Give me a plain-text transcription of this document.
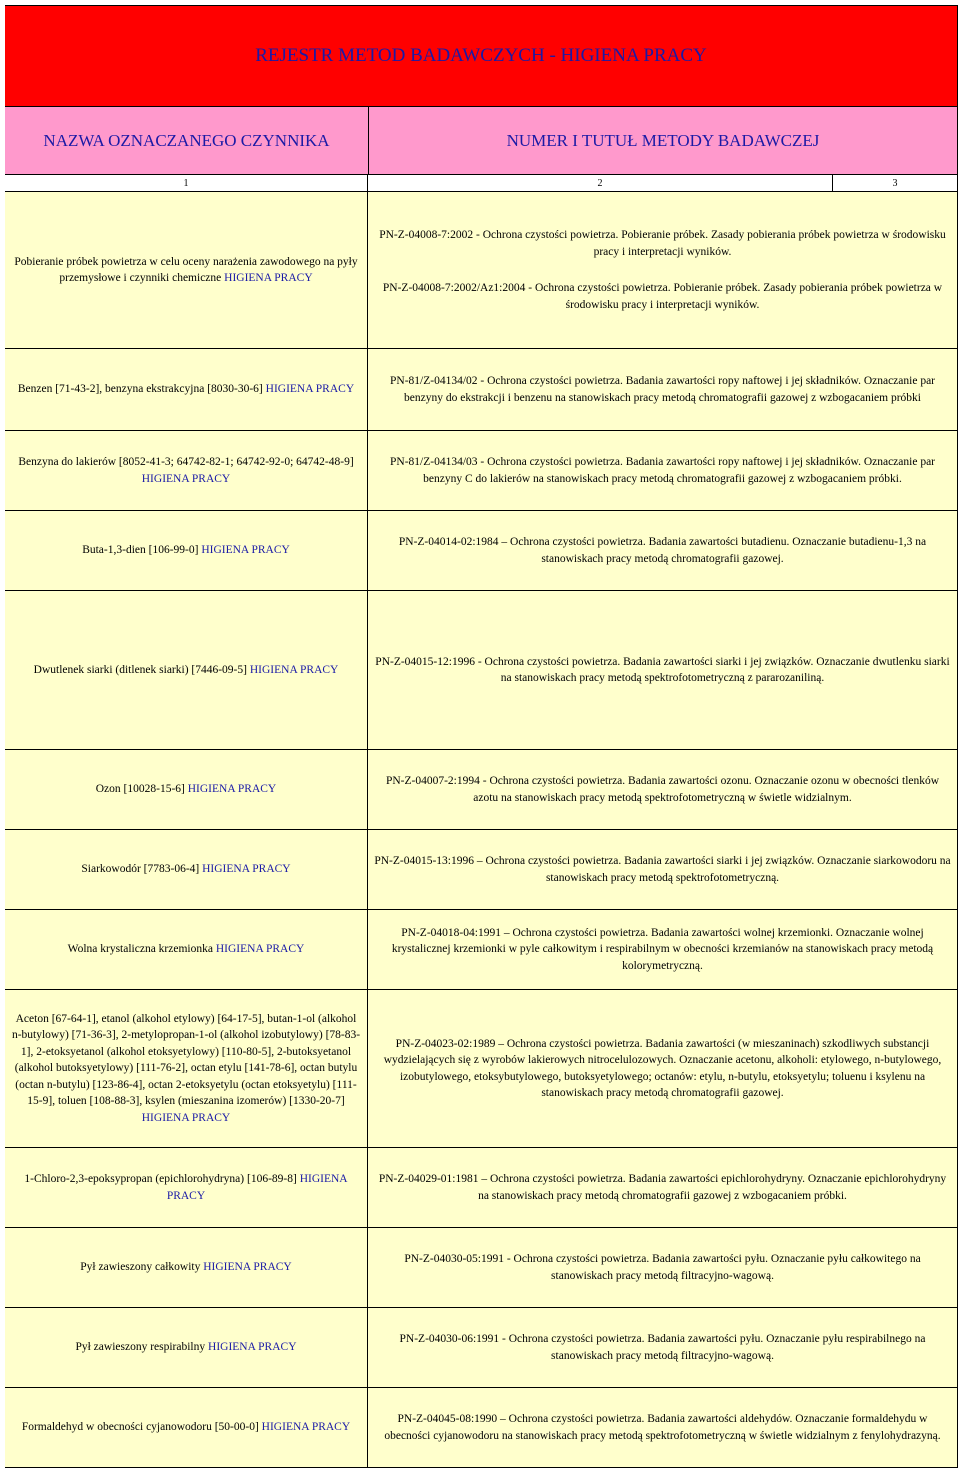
REJESTR METOD BADAWCZYCH - HIGIENA PRACY
NAZWA OZNACZANEGO CZYNNIKA	NUMER I TUTUŁ METODY BADAWCZEJ
1	2	3
Pobieranie próbek powietrza w celu oceny narażenia zawodowego na pyły przemysłowe i czynniki chemiczne HIGIENA PRACY
PN-Z-04008-7:2002 - Ochrona czystości powietrza. Pobieranie próbek. Zasady pobierania próbek powietrza w środowisku pracy i interpretacji wyników.
PN-Z-04008-7:2002/Az1:2004 - Ochrona czystości powietrza. Pobieranie próbek. Zasady pobierania próbek powietrza w środowisku pracy i interpretacji wyników.
Benzen [71-43-2], benzyna ekstrakcyjna [8030-30-6] HIGIENA PRACY
PN-81/Z-04134/02 - Ochrona czystości powietrza. Badania zawartości ropy naftowej i jej składników. Oznaczanie par benzyny do ekstrakcji i benzenu na stanowiskach pracy metodą chromatografii gazowej z wzbogacaniem próbki
Benzyna do lakierów [8052-41-3; 64742-82-1; 64742-92-0; 64742-48-9] HIGIENA PRACY
PN-81/Z-04134/03 - Ochrona czystości powietrza. Badania zawartości ropy naftowej i jej składników. Oznaczanie par benzyny C do lakierów na stanowiskach pracy metodą chromatografii gazowej z wzbogacaniem próbki.
Buta-1,3-dien [106-99-0] HIGIENA PRACY
PN-Z-04014-02:1984 – Ochrona czystości powietrza. Badania zawartości butadienu. Oznaczanie butadienu-1,3 na stanowiskach pracy metodą chromatografii gazowej.
Dwutlenek siarki (ditlenek siarki) [7446-09-5] HIGIENA PRACY
PN-Z-04015-12:1996 - Ochrona czystości powietrza. Badania zawartości siarki i jej związków. Oznaczanie dwutlenku siarki na stanowiskach pracy metodą spektrofotometryczną z pararozaniliną.
Ozon [10028-15-6] HIGIENA PRACY
PN-Z-04007-2:1994 - Ochrona czystości powietrza. Badania zawartości ozonu. Oznaczanie ozonu w obecności tlenków azotu na stanowiskach pracy metodą spektrofotometryczną w świetle widzialnym.
Siarkowodór [7783-06-4] HIGIENA PRACY
PN-Z-04015-13:1996 – Ochrona czystości powietrza. Badania zawartości siarki i jej związków. Oznaczanie siarkowodoru na stanowiskach pracy metodą spektrofotometryczną.
Wolna krystaliczna krzemionka HIGIENA PRACY
PN-Z-04018-04:1991 – Ochrona czystości powietrza. Badania zawartości wolnej krzemionki. Oznaczanie wolnej krystalicznej krzemionki w pyle całkowitym i respirabilnym w obecności krzemianów na stanowiskach pracy metodą kolorymetryczną.
Aceton [67-64-1], etanol (alkohol etylowy) [64-17-5], butan-1-ol (alkohol n-butylowy) [71-36-3], 2-metylopropan-1-ol (alkohol izobutylowy) [78-83-1], 2-etoksyetanol (alkohol etoksyetylowy) [110-80-5], 2-butoksyetanol (alkohol butoksyetylowy) [111-76-2], octan etylu [141-78-6], octan butylu (octan n-butylu) [123-86-4], octan 2-etoksyetylu (octan etoksyetylu) [111-15-9], toluen [108-88-3], ksylen (mieszanina izomerów) [1330-20-7] HIGIENA PRACY
PN-Z-04023-02:1989 – Ochrona czystości powietrza. Badania zawartości (w mieszaninach) szkodliwych substancji wydzielających się z wyrobów lakierowych nitrocelulozowych. Oznaczanie acetonu, alkoholi: etylowego, n-butylowego, izobutylowego, etoksybutylowego, butoksyetylowego; octanów: etylu, n-butylu, etoksyetylu; toluenu i ksylenu na stanowiskach pracy metodą chromatografii gazowej.
1-Chloro-2,3-epoksypropan (epichlorohydryna) [106-89-8] HIGIENA PRACY
PN-Z-04029-01:1981 – Ochrona czystości powietrza. Badania zawartości epichlorohydryny. Oznaczanie epichlorohydryny na stanowiskach pracy metodą chromatografii gazowej z wzbogacaniem próbki.
Pył zawieszony całkowity HIGIENA PRACY
PN-Z-04030-05:1991 - Ochrona czystości powietrza. Badania zawartości pyłu. Oznaczanie pyłu całkowitego na stanowiskach pracy metodą filtracyjno-wagową.
Pył zawieszony respirabilny HIGIENA PRACY
PN-Z-04030-06:1991 - Ochrona czystości powietrza. Badania zawartości pyłu. Oznaczanie pyłu respirabilnego na stanowiskach pracy metodą filtracyjno-wagową.
Formaldehyd w obecności cyjanowodoru [50-00-0] HIGIENA PRACY
PN-Z-04045-08:1990 – Ochrona czystości powietrza. Badania zawartości aldehydów. Oznaczanie formaldehydu w obecności cyjanowodoru na stanowiskach pracy metodą spektrofotometryczną w świetle widzialnym z fenylohydrazyną.
